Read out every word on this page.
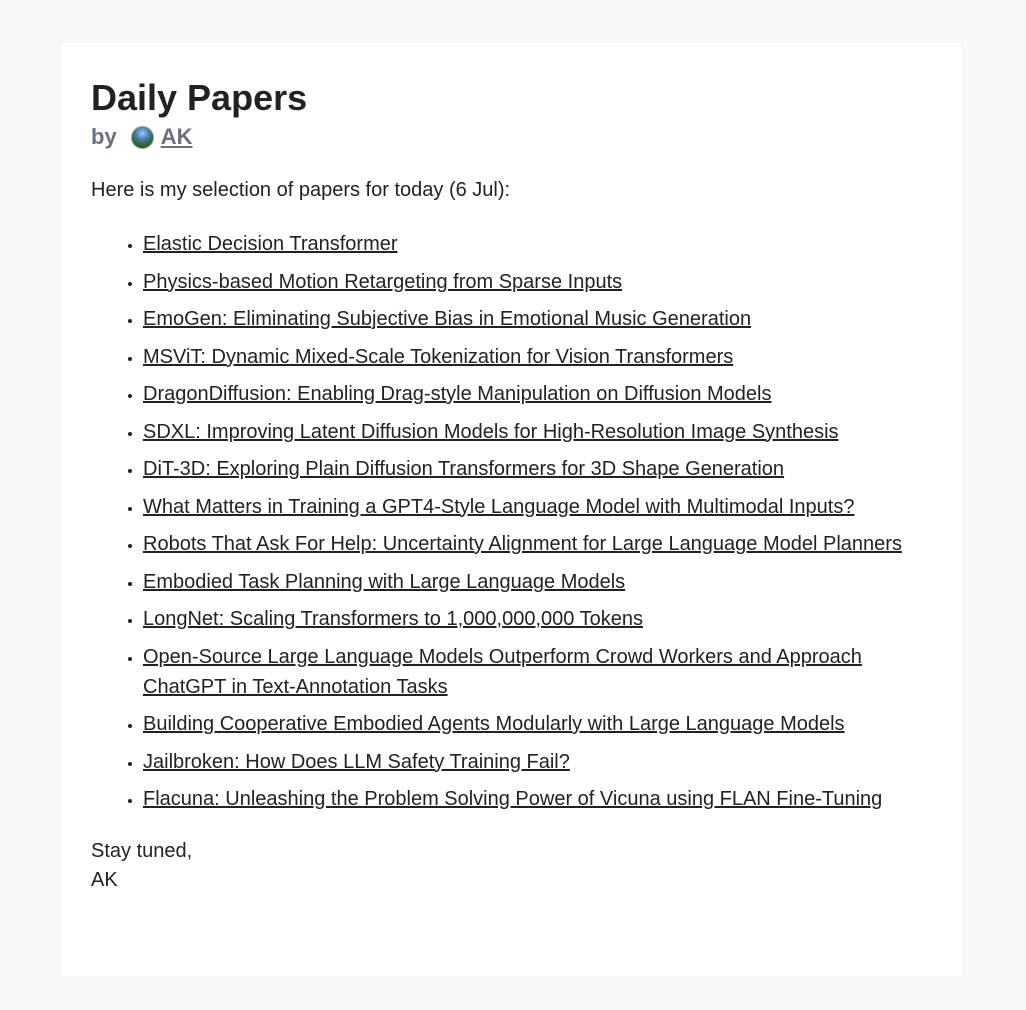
Daily Papers
by AK

Here is my selection of papers for today (6 Jul):

• Elastic Decision Transformer
• Physics-based Motion Retargeting from Sparse Inputs
• EmoGen: Eliminating Subjective Bias in Emotional Music Generation
• MSViT: Dynamic Mixed-Scale Tokenization for Vision Transformers
• DragonDiffusion: Enabling Drag-style Manipulation on Diffusion Models
• SDXL: Improving Latent Diffusion Models for High-Resolution Image Synthesis
• DiT-3D: Exploring Plain Diffusion Transformers for 3D Shape Generation
• What Matters in Training a GPT4-Style Language Model with Multimodal Inputs?
• Robots That Ask For Help: Uncertainty Alignment for Large Language Model Planners
• Embodied Task Planning with Large Language Models
• LongNet: Scaling Transformers to 1,000,000,000 Tokens
• Open-Source Large Language Models Outperform Crowd Workers and Approach ChatGPT in Text-Annotation Tasks
• Building Cooperative Embodied Agents Modularly with Large Language Models
• Jailbroken: How Does LLM Safety Training Fail?
• Flacuna: Unleashing the Problem Solving Power of Vicuna using FLAN Fine-Tuning
Stay tuned,
AK
